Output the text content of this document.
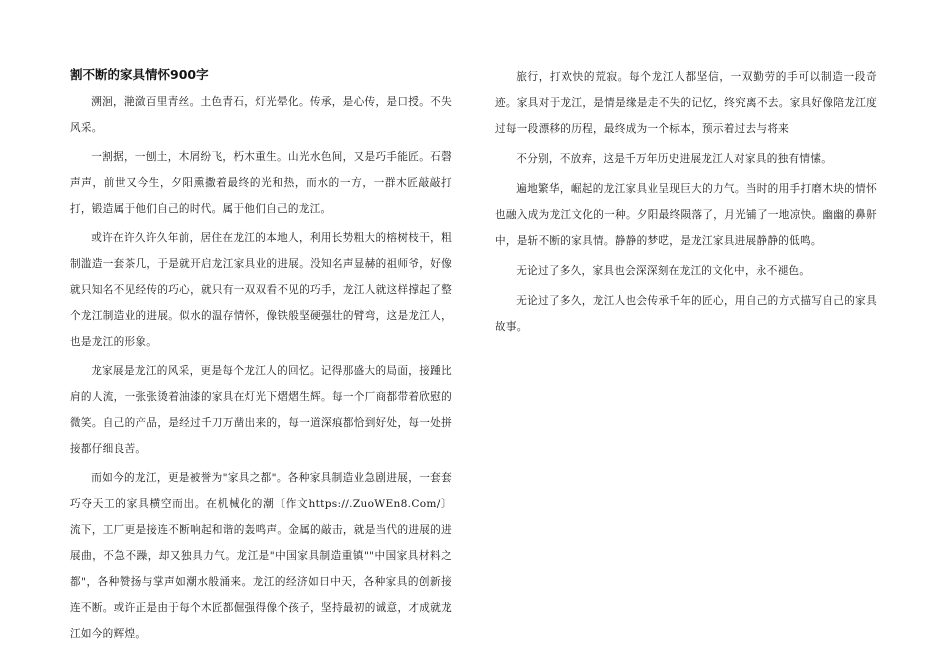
割不断的家具情怀900字

溯洄，滟潋百里青丝。土色青石，灯光晕化。传承，是心传，是口授。不失风采。

一割据，一刨土，木屑纷飞，朽木重生。山光水色间，又是巧手能匠。石磬声声，前世又今生，夕阳熏撒着最终的光和热，而水的一方，一群木匠敲敲打打，锻造属于他们自己的时代。属于他们自己的龙江。

或许在许久许久年前，居住在龙江的本地人，利用长势粗大的榕树枝干，粗制滥造一套茶几，于是就开启龙江家具业的进展。没知名声显赫的祖师爷，好像就只知名不见经传的巧心，就只有一双双看不见的巧手，龙江人就这样撑起了整个龙江制造业的进展。似水的温存情怀，像铁般坚硬强壮的臂弯，这是龙江人，也是龙江的形象。

龙家展是龙江的风采，更是每个龙江人的回忆。记得那盛大的局面，接踵比肩的人流，一张张烫着油漆的家具在灯光下熠熠生辉。每一个厂商都带着欣慰的微笑。自己的产品，是经过千刀万凿出来的，每一道深痕都恰到好处，每一处拼接都仔细良苦。

而如今的龙江，更是被誉为"家具之都"。各种家具制造业急剧进展，一套套巧夺天工的家具横空而出。在机械化的潮〔作文https://.ZuoWEn8.Com/〕流下，工厂更是接连不断响起和谐的轰鸣声。金属的敲击，就是当代的进展的进展曲，不急不躁，却又独具力气。龙江是"中国家具制造重镇""中国家具材料之都"，各种赞扬与掌声如潮水般涌来。龙江的经济如日中天，各种家具的创新接连不断。或许正是由于每个木匠都倔强得像个孩子，坚持最初的诚意，才成就龙江如今的辉煌。

旅行，打欢快的荒寂。每个龙江人都坚信，一双勤劳的手可以制造一段奇迹。家具对于龙江，是情是缘是走不失的记忆，终究离不去。家具好像陪龙江度过每一段漂移的历程，最终成为一个标本，预示着过去与将来

不分别，不放弃，这是千万年历史进展龙江人对家具的独有情愫。

遍地繁华，崛起的龙江家具业呈现巨大的力气。当时的用手打磨木块的情怀也融入成为龙江文化的一种。夕阳最终陨落了，月光铺了一地凉快。幽幽的鼻鼾中，是斩不断的家具情。静静的梦呓，是龙江家具进展静静的低鸣。

无论过了多久，家具也会深深刻在龙江的文化中，永不褪色。

无论过了多久，龙江人也会传承千年的匠心，用自己的方式描写自己的家具故事。
